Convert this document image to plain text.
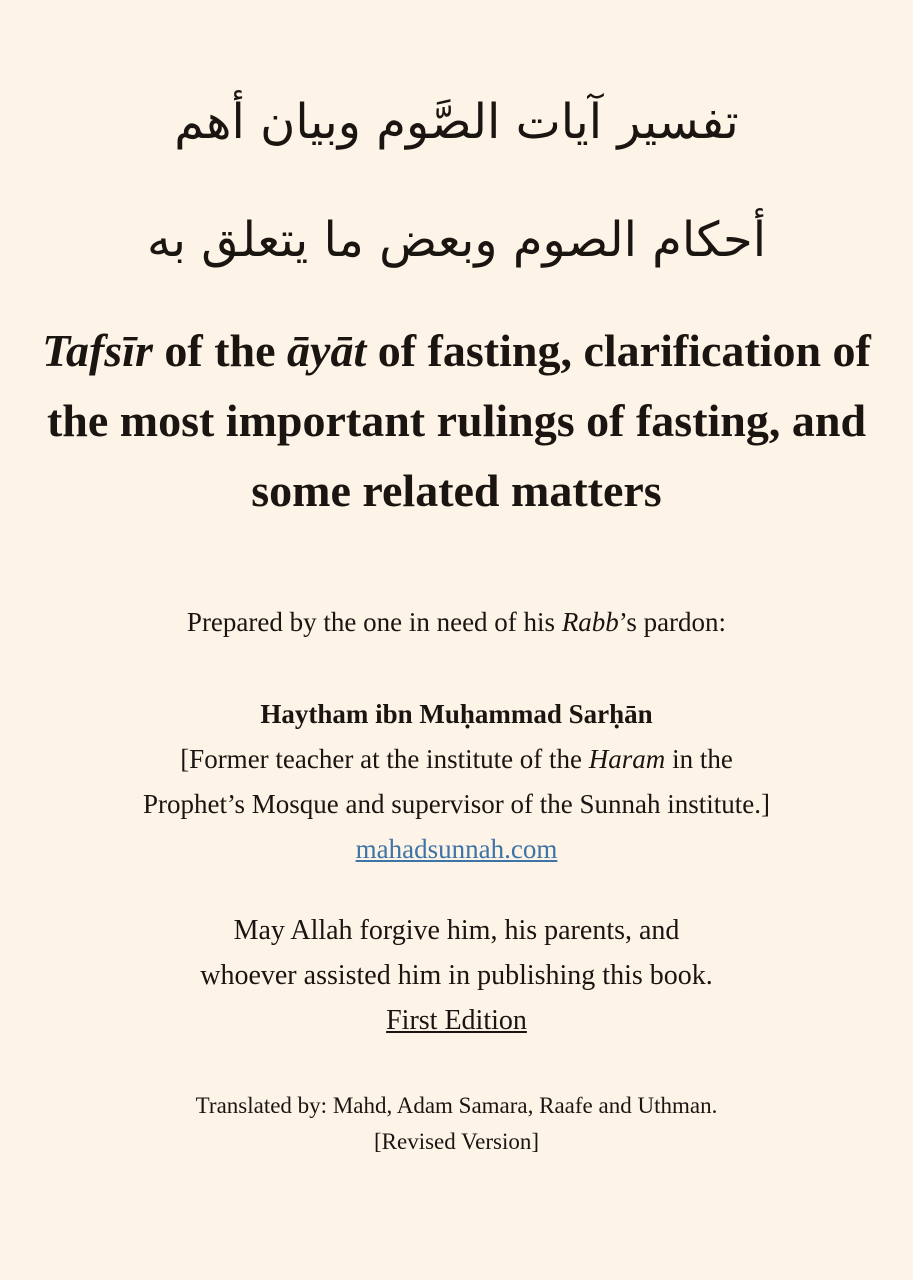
تفسير آيات الصَّوم وبيان أهم
أحكام الصوم وبعض ما يتعلق به
Tafsīr of the āyāt of fasting, clarification of
the most important rulings of fasting, and
some related matters
Prepared by the one in need of his Rabb’s pardon:
Haytham ibn Muḥammad Sarḥān
[Former teacher at the institute of the Haram in the
Prophet’s Mosque and supervisor of the Sunnah institute.]
mahadsunnah.com
May Allah forgive him, his parents, and
whoever assisted him in publishing this book.
First Edition
Translated by: Mahd, Adam Samara, Raafe and Uthman.
[Revised Version]
